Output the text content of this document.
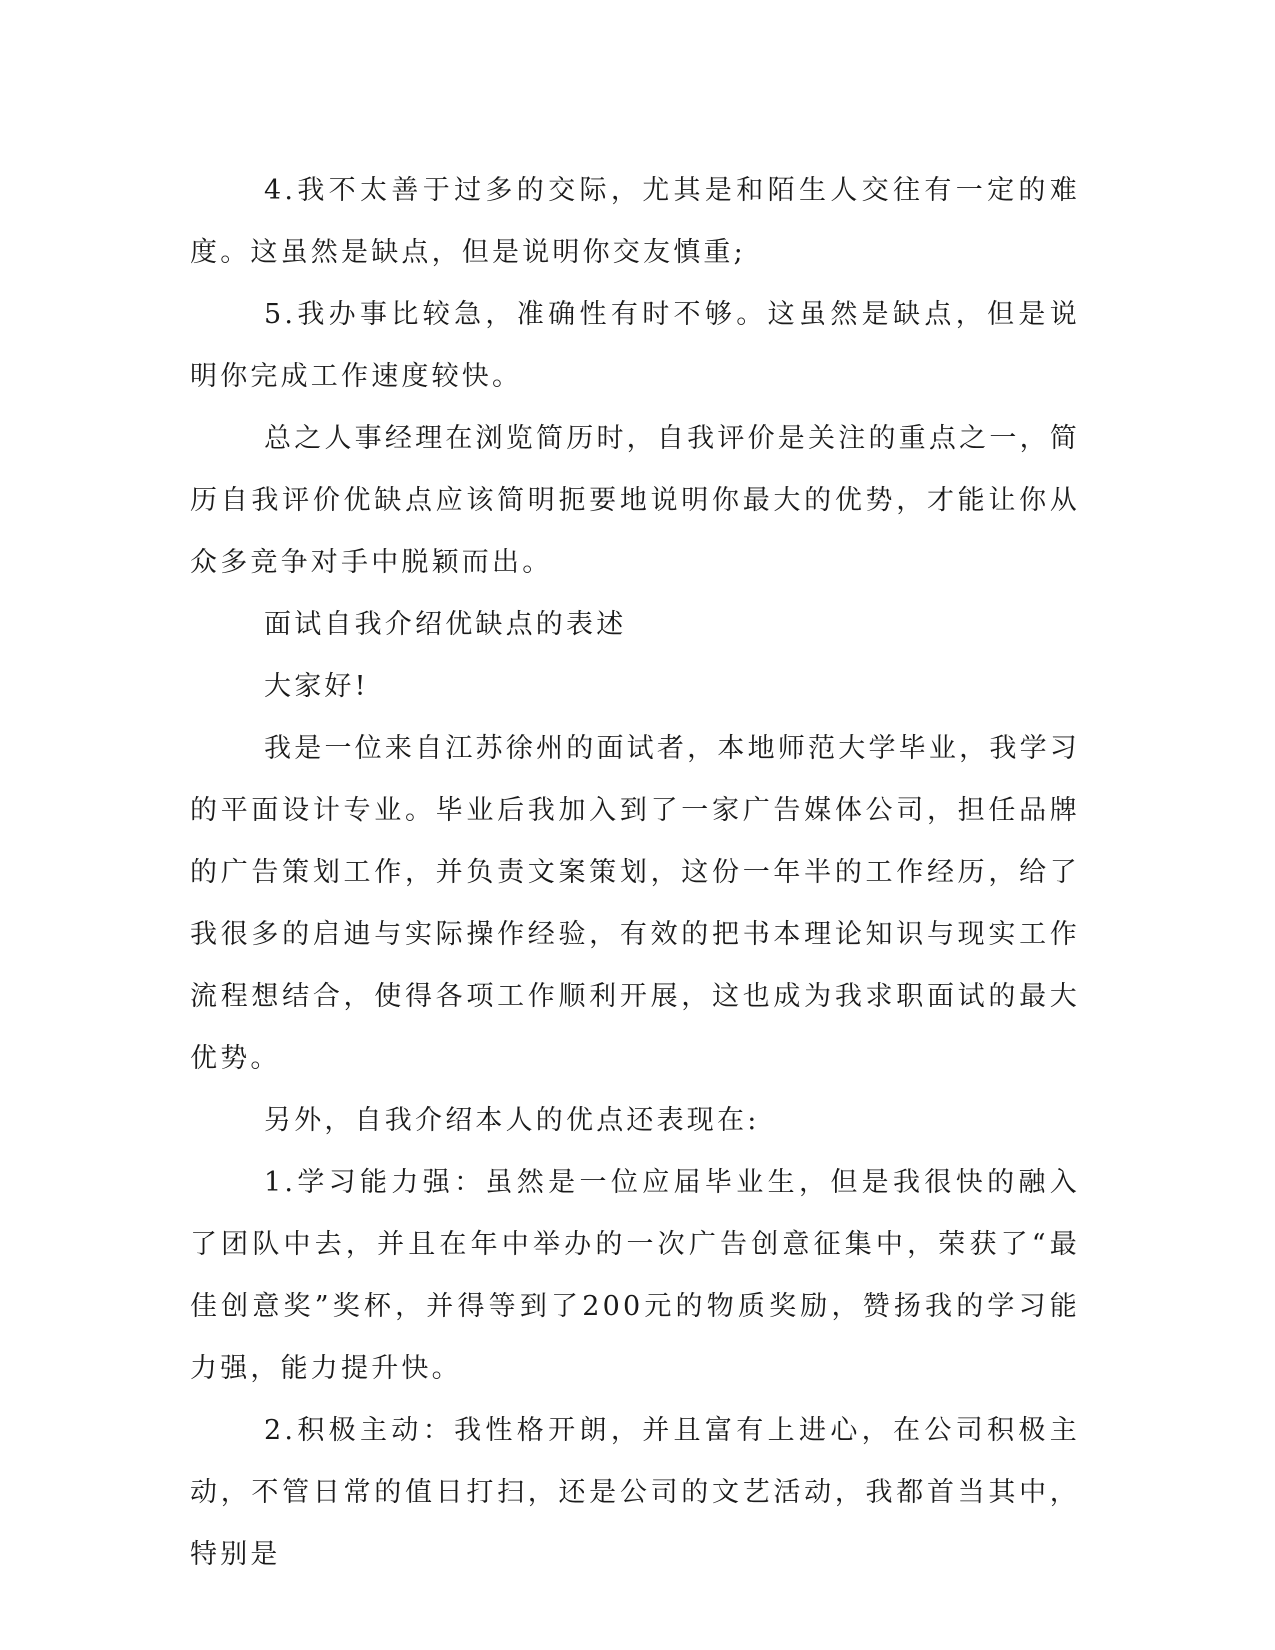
4.我不太善于过多的交际，尤其是和陌生人交往有一定的难度。这虽然是缺点，但是说明你交友慎重;

5.我办事比较急，准确性有时不够。这虽然是缺点，但是说明你完成工作速度较快。

总之人事经理在浏览简历时，自我评价是关注的重点之一，简历自我评价优缺点应该简明扼要地说明你最大的优势，才能让你从众多竞争对手中脱颖而出。

面试自我介绍优缺点的表述

大家好!

我是一位来自江苏徐州的面试者，本地师范大学毕业，我学习的平面设计专业。毕业后我加入到了一家广告媒体公司，担任品牌的广告策划工作，并负责文案策划，这份一年半的工作经历，给了我很多的启迪与实际操作经验，有效的把书本理论知识与现实工作流程想结合，使得各项工作顺利开展，这也成为我求职面试的最大优势。

另外，自我介绍本人的优点还表现在:

1.学习能力强：虽然是一位应届毕业生，但是我很快的融入了团队中去，并且在年中举办的一次广告创意征集中，荣获了“最佳创意奖”奖杯，并得等到了200元的物质奖励，赞扬我的学习能力强，能力提升快。

2.积极主动：我性格开朗，并且富有上进心，在公司积极主动，不管日常的值日打扫，还是公司的文艺活动，我都首当其中，特别是
